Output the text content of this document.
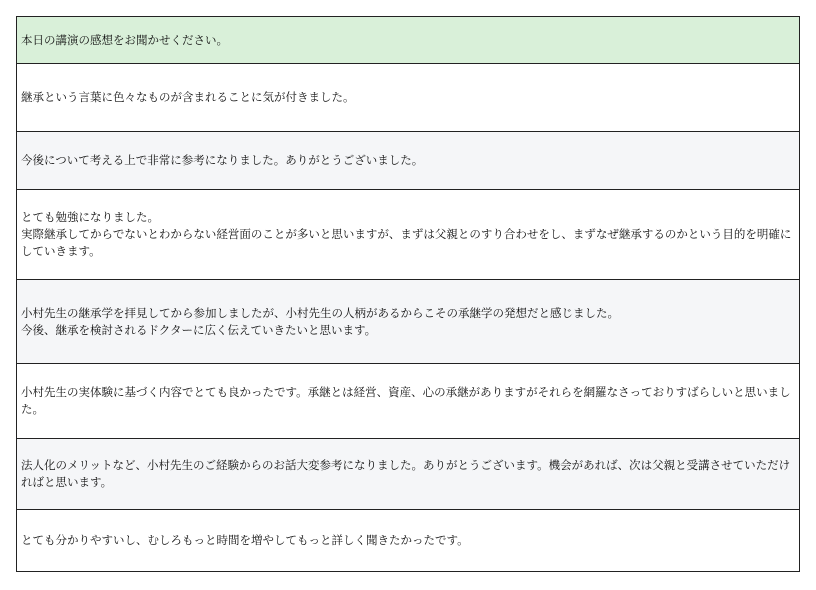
本日の講演の感想をお聞かせください。
継承という言葉に色々なものが含まれることに気が付きました。
今後について考える上で非常に参考になりました。ありがとうございました。
とても勉強になりました。
実際継承してからでないとわからない経営面のことが多いと思いますが、まずは父親とのすり合わせをし、まずなぜ継承するのかという目的を明確にしていきます。
小村先生の継承学を拝見してから参加しましたが、小村先生の人柄があるからこその承継学の発想だと感じました。
今後、継承を検討されるドクターに広く伝えていきたいと思います。
小村先生の実体験に基づく内容でとても良かったです。承継とは経営、資産、心の承継がありますがそれらを網羅なさっておりすばらしいと思いました。
法人化のメリットなど、小村先生のご経験からのお話大変参考になりました。ありがとうございます。機会があれば、次は父親と受講させていただければと思います。
とても分かりやすいし、むしろもっと時間を増やしてもっと詳しく聞きたかったです。
